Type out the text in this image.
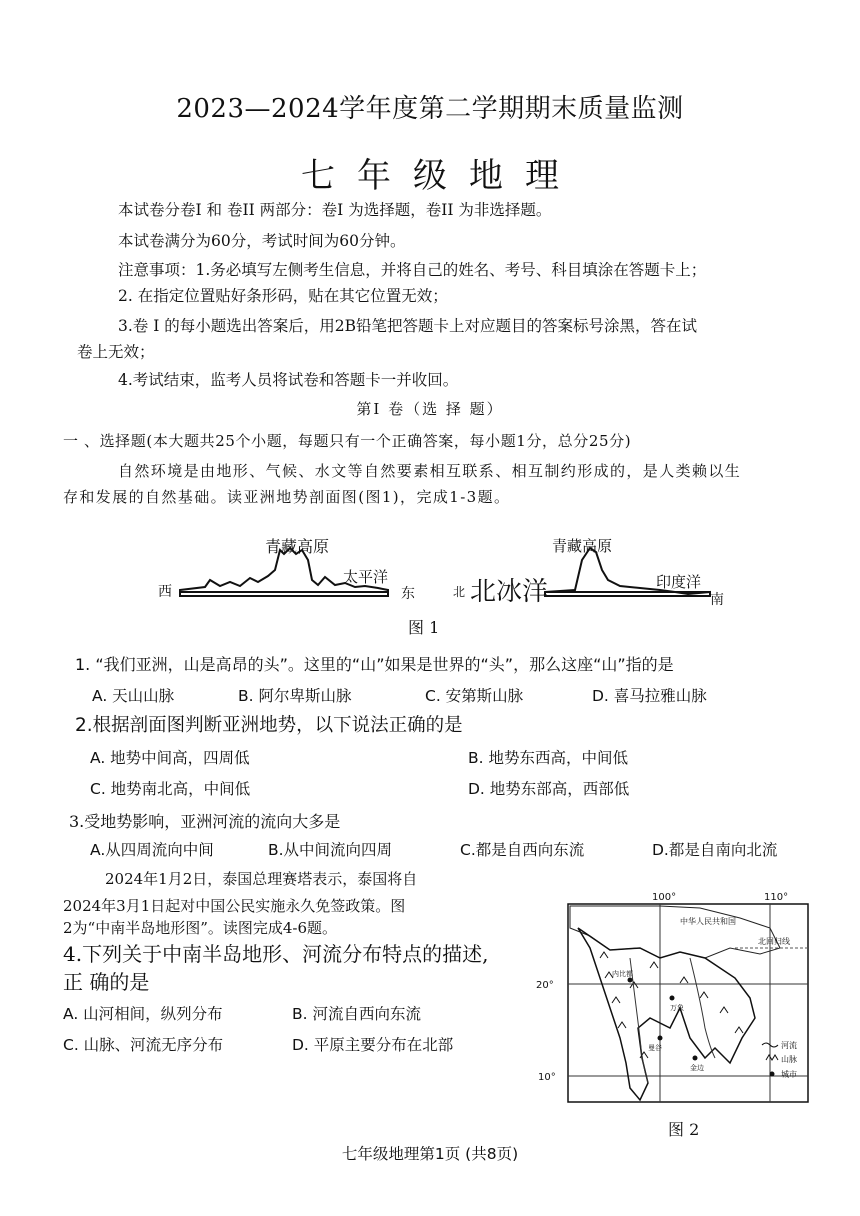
2023—2024学年度第二学期期末质量监测
七年级地理
本试卷分卷I 和 卷II 两部分：卷I 为选择题，卷II 为非选择题。
本试卷满分为60分，考试时间为60分钟。
注意事项：1.务必填写左侧考生信息，并将自己的姓名、考号、科目填涂在答题卡上；
2. 在指定位置贴好条形码，贴在其它位置无效；
3.卷 I 的每小题选出答案后，用2B铅笔把答题卡上对应题目的答案标号涂黑，答在试
卷上无效；
4.考试结束，监考人员将试卷和答题卡一并收回。
第I 卷（选 择 题）
一 、选择题(本大题共25个小题，每题只有一个正确答案，每小题1分，总分25分)
自然环境是由地形、气候、水文等自然要素相互联系、相互制约形成的，是人类赖以生
存和发展的自然基础。读亚洲地势剖面图(图1)，完成1-3题。
青藏高原
太平洋
西	东
青藏高原
印度洋
北 北冰洋	南
图 1
1. “我们亚洲，山是高昂的头”。这里的“山”如果是世界的“头”，那么这座“山”指的是
A. 天山山脉	B. 阿尔卑斯山脉	C. 安第斯山脉	D. 喜马拉雅山脉
2.根据剖面图判断亚洲地势，以下说法正确的是
A. 地势中间高，四周低	B. 地势东西高，中间低
C. 地势南北高，中间低	D. 地势东部高，西部低
3.受地势影响，亚洲河流的流向大多是
A.从四周流向中间	B.从中间流向四周	C.都是自西向东流	D.都是自南向北流
2024年1月2日，泰国总理赛塔表示，泰国将自
2024年3月1日起对中国公民实施永久免签政策。图
2为“中南半岛地形图”。读图完成4-6题。
4.下列关于中南半岛地形、河流分布特点的描述,
正 确的是
A. 山河相间，纵列分布	B. 河流自西向东流
C. 山脉、河流无序分布	D. 平原主要分布在北部
100°	110°
20°
10°
中华人民共和国
北回归线
内比都
万象
曼谷
金边
河流
山脉
城市
图 2
七年级地理第1页 (共8页)
